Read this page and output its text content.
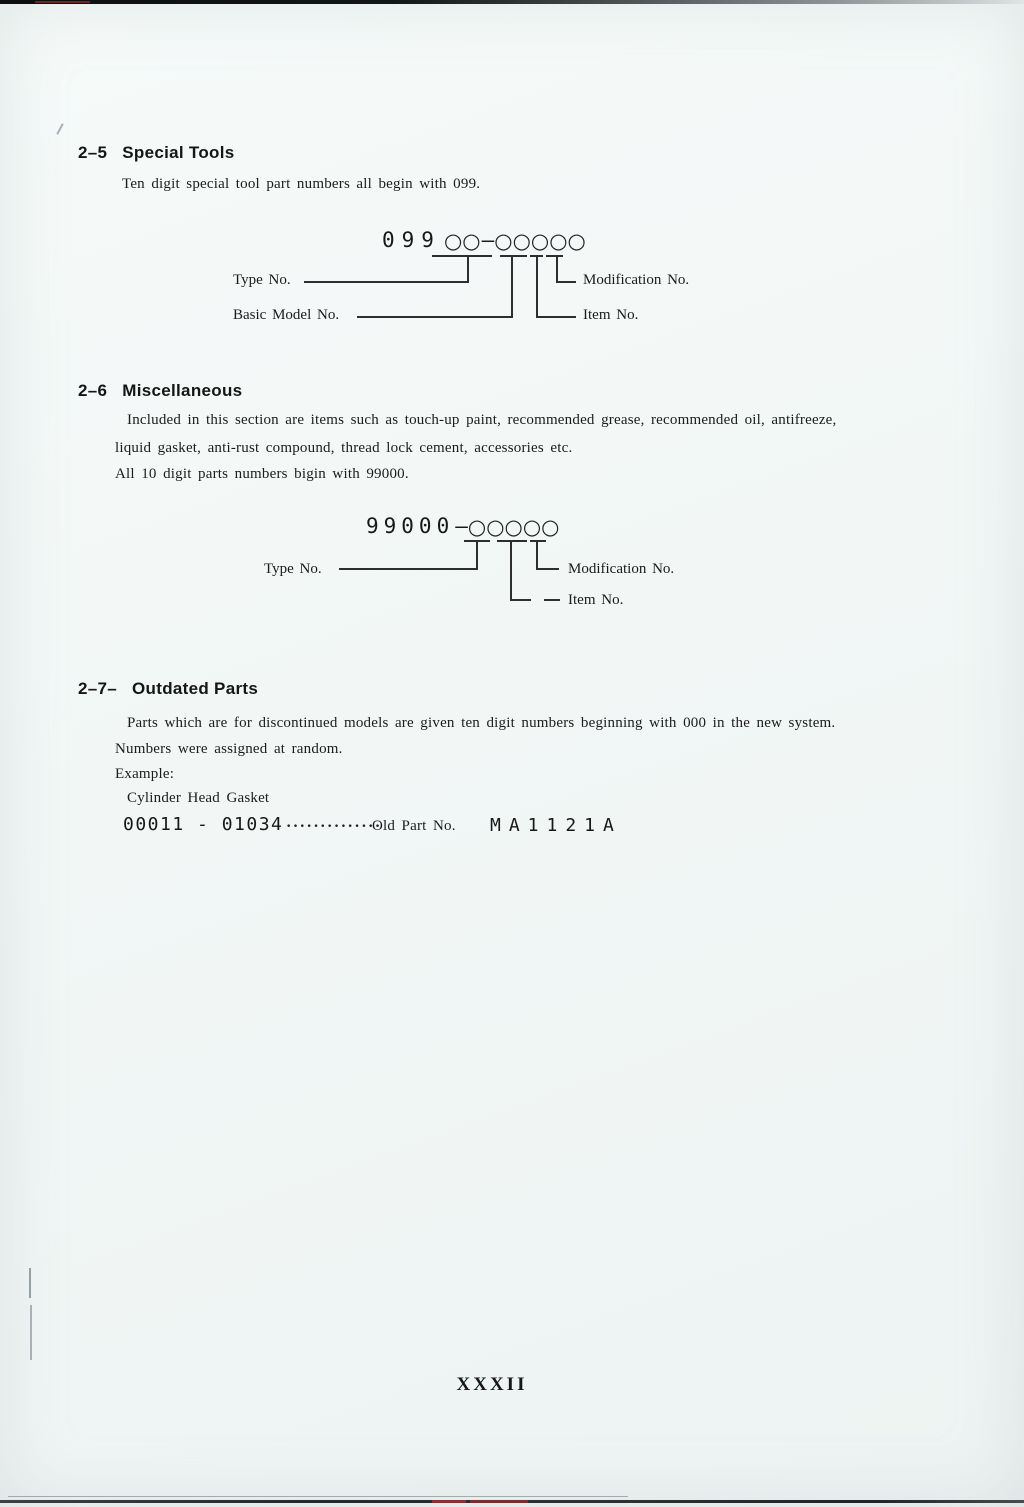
2–5 Special Tools
Ten digit special tool part numbers all begin with 099.
099 ○○ — ○○○○○
Type No.
Basic Model No.
Modification No.
Item No.
2–6 Miscellaneous
Included in this section are items such as touch-up paint, recommended grease, recommended oil, antifreeze,
liquid gasket, anti-rust compound, thread lock cement, accessories etc.
All 10 digit parts numbers bigin with 99000.
99000 — ○○○○○
Type No.	Modification No.
Item No.
2–7– Outdated Parts
Parts which are for discontinued models are given ten digit numbers beginning with 000 in the new system.
Numbers were assigned at random.
Example:
Cylinder Head Gasket
00011 - 01034 ··············
Old Part No. MA1121A
XXXII
